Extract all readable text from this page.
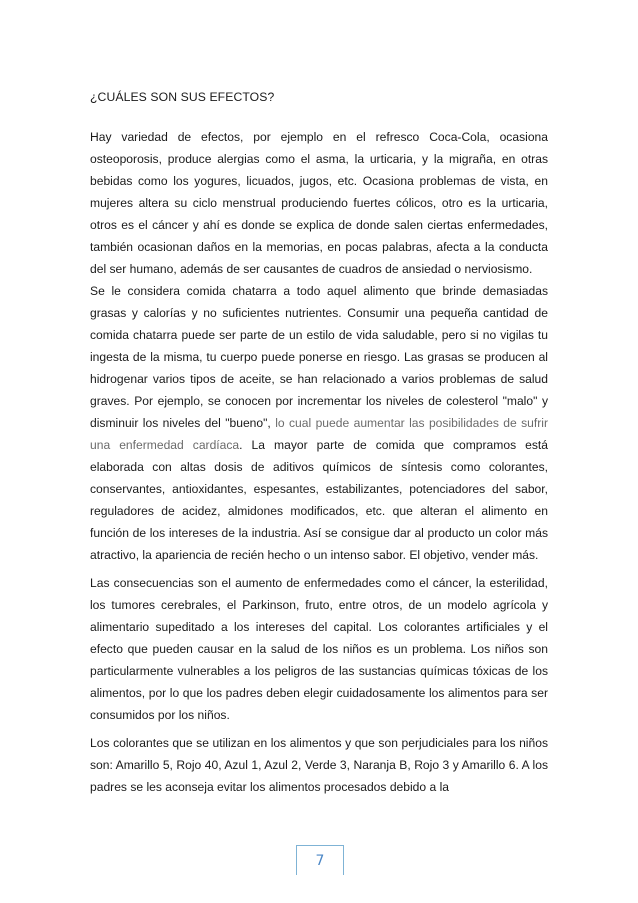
¿CUÁLES SON SUS EFECTOS?

Hay variedad de efectos, por ejemplo en el refresco Coca-Cola, ocasiona osteoporosis, produce alergias como el asma, la urticaria, y la migraña, en otras bebidas como los yogures, licuados, jugos, etc. Ocasiona problemas de vista, en mujeres altera su ciclo menstrual produciendo fuertes cólicos, otro es la urticaria, otros es el cáncer y ahí es donde se explica de donde salen ciertas enfermedades, también ocasionan daños en la memorias, en pocas palabras, afecta a la conducta del ser humano, además de ser causantes de cuadros de ansiedad o nerviosismo.

Se le considera comida chatarra a todo aquel alimento que brinde demasiadas grasas y calorías y no suficientes nutrientes. Consumir una pequeña cantidad de comida chatarra puede ser parte de un estilo de vida saludable, pero si no vigilas tu ingesta de la misma, tu cuerpo puede ponerse en riesgo. Las grasas se producen al hidrogenar varios tipos de aceite, se han relacionado a varios problemas de salud graves. Por ejemplo, se conocen por incrementar los niveles de colesterol "malo" y disminuir los niveles del "bueno", lo cual puede aumentar las posibilidades de sufrir una enfermedad cardíaca. La mayor parte de comida que compramos está elaborada con altas dosis de aditivos químicos de síntesis como colorantes, conservantes, antioxidantes, espesantes, estabilizantes, potenciadores del sabor, reguladores de acidez, almidones modificados, etc. que alteran el alimento en función de los intereses de la industria. Así se consigue dar al producto un color más atractivo, la apariencia de recién hecho o un intenso sabor. El objetivo, vender más.

Las consecuencias son el aumento de enfermedades como el cáncer, la esterilidad, los tumores cerebrales, el Parkinson, fruto, entre otros, de un modelo agrícola y alimentario supeditado a los intereses del capital. Los colorantes artificiales y el efecto que pueden causar en la salud de los niños es un problema. Los niños son particularmente vulnerables a los peligros de las sustancias químicas tóxicas de los alimentos, por lo que los padres deben elegir cuidadosamente los alimentos para ser consumidos por los niños.

Los colorantes que se utilizan en los alimentos y que son perjudiciales para los niños son: Amarillo 5, Rojo 40, Azul 1, Azul 2, Verde 3, Naranja B, Rojo 3 y Amarillo 6. A los padres se les aconseja evitar los alimentos procesados debido a la

7
